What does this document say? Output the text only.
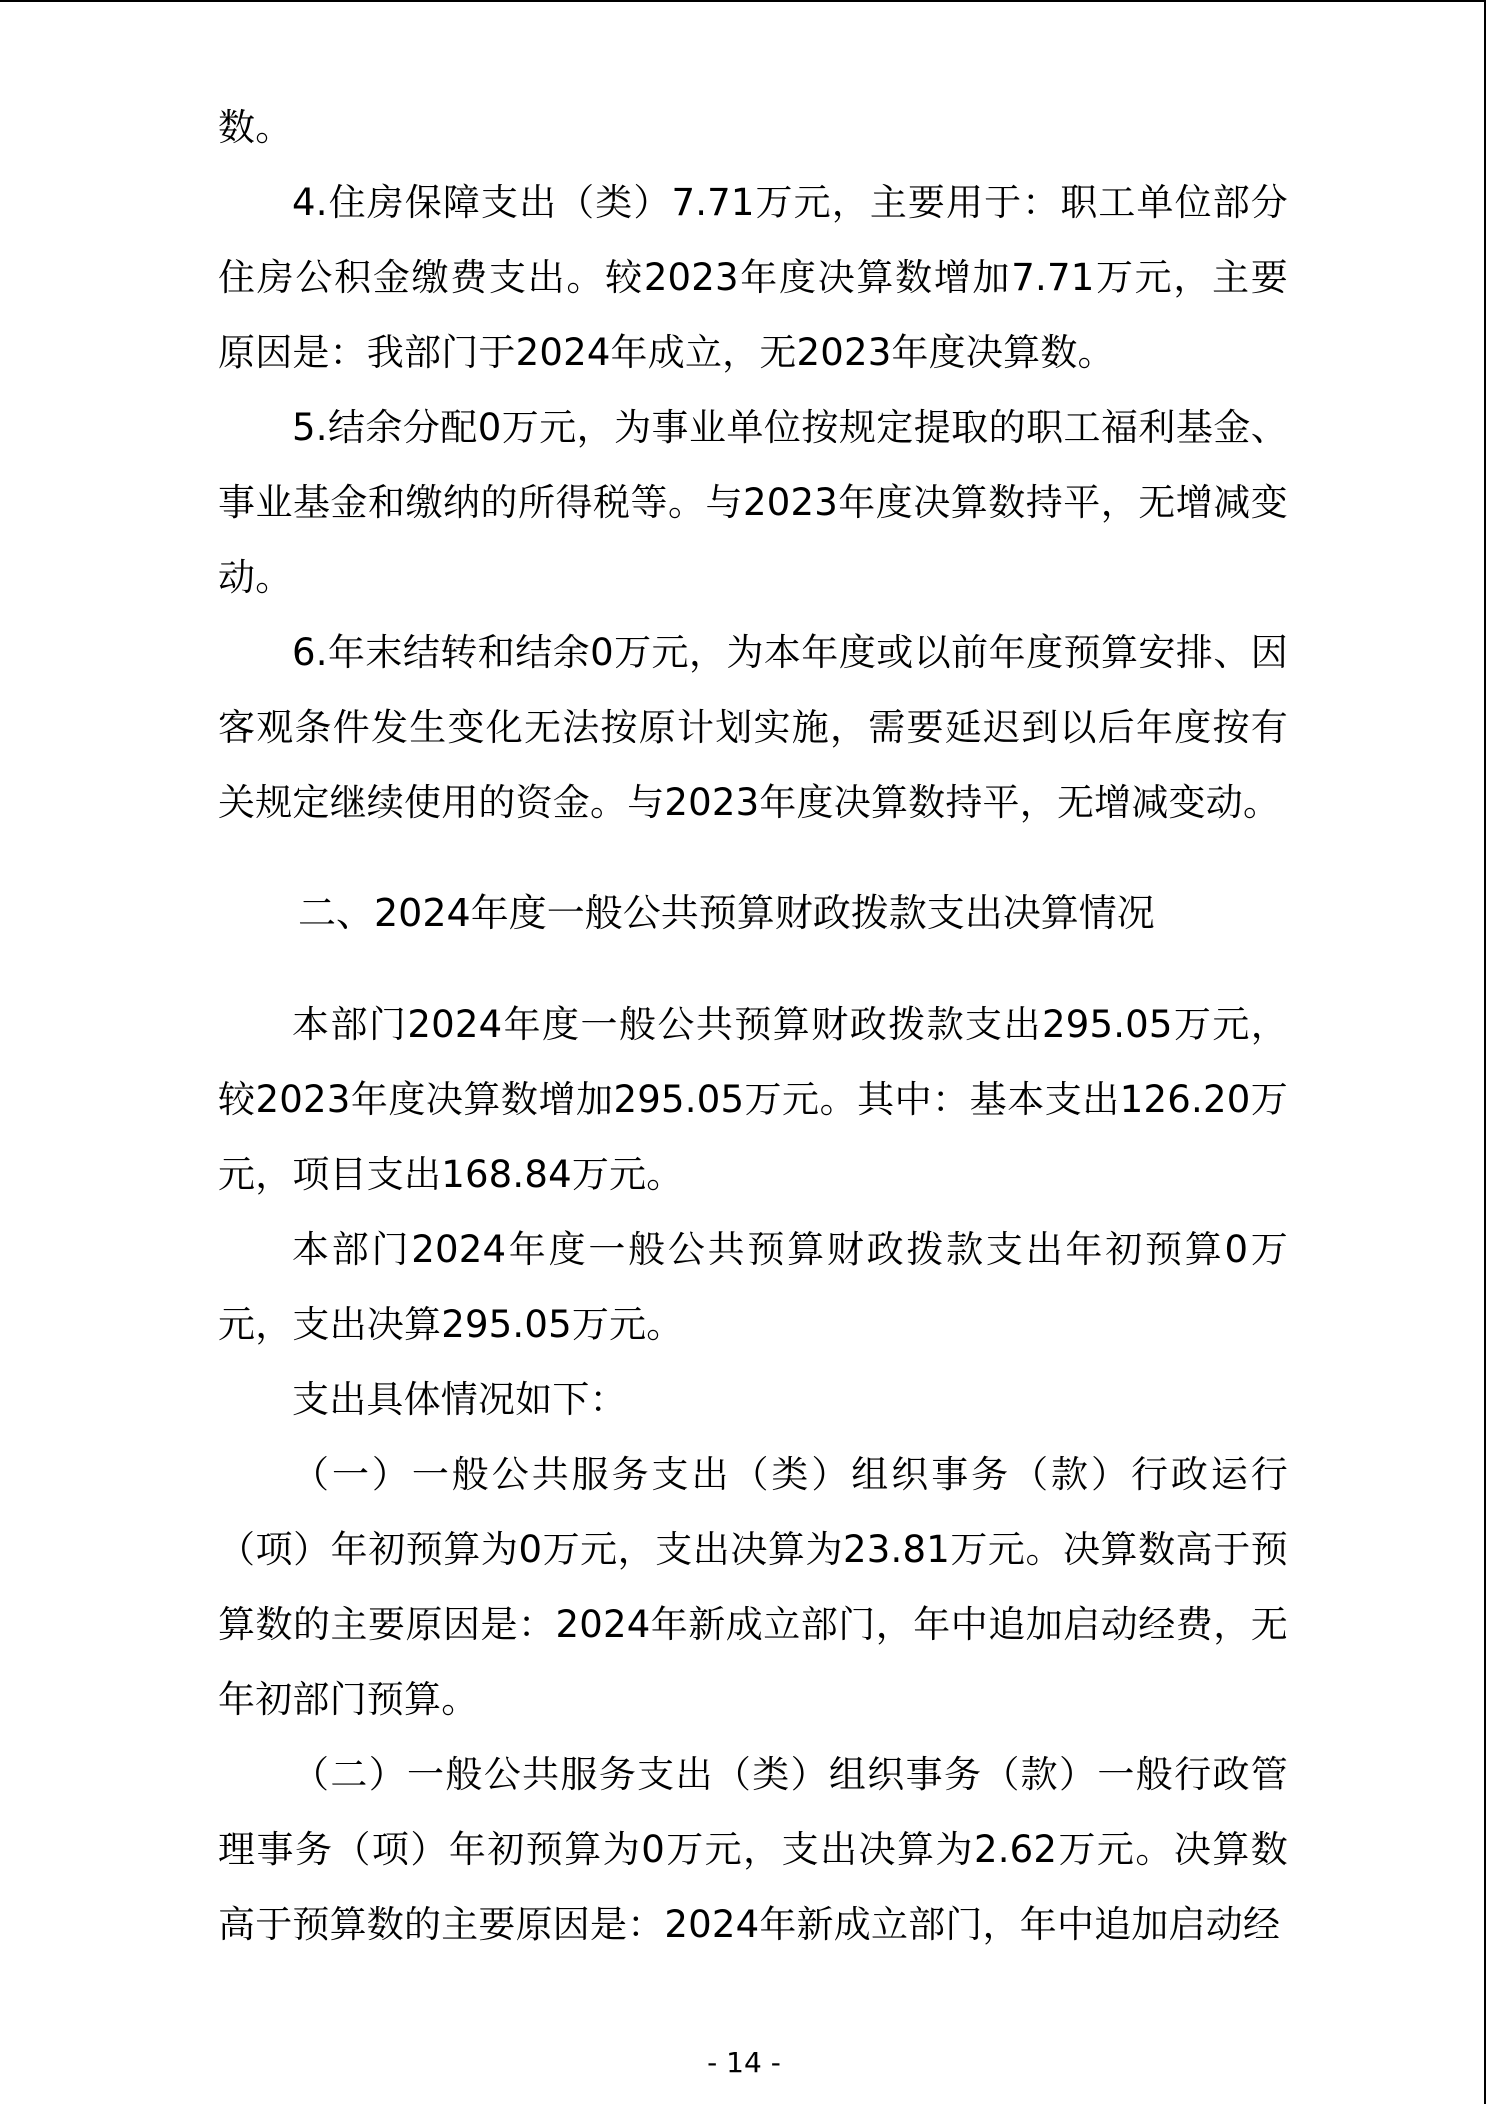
数。

4.住房保障支出（类）7.71万元，主要用于：职工单位部分住房公积金缴费支出。较2023年度决算数增加7.71万元，主要原因是：我部门于2024年成立，无2023年度决算数。

5.结余分配0万元，为事业单位按规定提取的职工福利基金、事业基金和缴纳的所得税等。与2023年度决算数持平，无增减变动。

6.年末结转和结余0万元，为本年度或以前年度预算安排、因客观条件发生变化无法按原计划实施，需要延迟到以后年度按有关规定继续使用的资金。与2023年度决算数持平，无增减变动。

二、2024年度一般公共预算财政拨款支出决算情况

本部门2024年度一般公共预算财政拨款支出295.05万元，较2023年度决算数增加295.05万元。其中：基本支出126.20万元，项目支出168.84万元。

本部门2024年度一般公共预算财政拨款支出年初预算0万元，支出决算295.05万元。

支出具体情况如下：

（一）一般公共服务支出（类）组织事务（款）行政运行（项）年初预算为0万元，支出决算为23.81万元。决算数高于预算数的主要原因是：2024年新成立部门，年中追加启动经费，无年初部门预算。

（二）一般公共服务支出（类）组织事务（款）一般行政管理事务（项）年初预算为0万元，支出决算为2.62万元。决算数高于预算数的主要原因是：2024年新成立部门，年中追加启动经

- 14 -
